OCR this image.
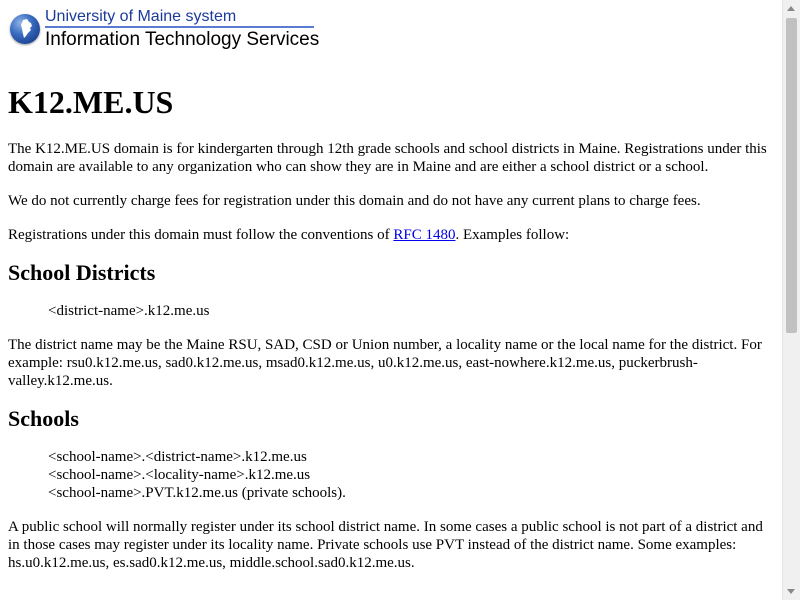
University of Maine system
Information Technology Services
K12.ME.US

The K12.ME.US domain is for kindergarten through 12th grade schools and school districts in Maine. Registrations under this domain are available to any organization who can show they are in Maine and are either a school district or a school.

We do not currently charge fees for registration under this domain and do not have any current plans to charge fees.

Registrations under this domain must follow the conventions of RFC 1480. Examples follow:

School Districts
<district-name>.k12.me.us

The district name may be the Maine RSU, SAD, CSD or Union number, a locality name or the local name for the district. For example: rsu0.k12.me.us, sad0.k12.me.us, msad0.k12.me.us, u0.k12.me.us, east-nowhere.k12.me.us, puckerbrush-valley.k12.me.us.

Schools
<school-name>.<district-name>.k12.me.us
<school-name>.<locality-name>.k12.me.us
<school-name>.PVT.k12.me.us (private schools).

A public school will normally register under its school district name. In some cases a public school is not part of a district and in those cases may register under its locality name. Private schools use PVT instead of the district name. Some examples: hs.u0.k12.me.us, es.sad0.k12.me.us, middle.school.sad0.k12.me.us.
